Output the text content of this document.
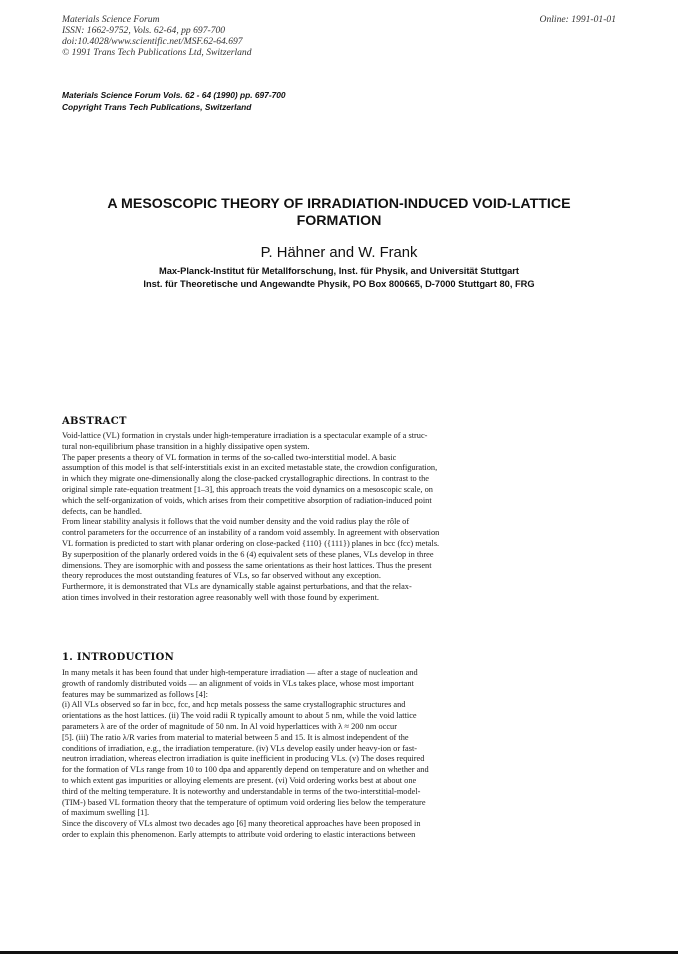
Materials Science Forum
ISSN: 1662-9752, Vols. 62-64, pp 697-700
doi:10.4028/www.scientific.net/MSF.62-64.697
© 1991 Trans Tech Publications Ltd, Switzerland
Online: 1991-01-01
Materials Science Forum Vols. 62 - 64 (1990) pp. 697-700
Copyright Trans Tech Publications, Switzerland
A MESOSCOPIC THEORY OF IRRADIATION-INDUCED VOID-LATTICE
FORMATION
P. Hähner and W. Frank
Max-Planck-Institut für Metallforschung, Inst. für Physik, and Universität Stuttgart
Inst. für Theoretische und Angewandte Physik, PO Box 800665, D-7000 Stuttgart 80, FRG
ABSTRACT
Void-lattice (VL) formation in crystals under high-temperature irradiation is a spectacular example of a struc-
tural non-equilibrium phase transition in a highly dissipative open system.
The paper presents a theory of VL formation in terms of the so-called two-interstitial model. A basic
assumption of this model is that self-interstitials exist in an excited metastable state, the crowdion configuration,
in which they migrate one-dimensionally along the close-packed crystallographic directions. In contrast to the
original simple rate-equation treatment [1–3], this approach treats the void dynamics on a mesoscopic scale, on
which the self-organization of voids, which arises from their competitive absorption of radiation-induced point
defects, can be handled.
From linear stability analysis it follows that the void number density and the void radius play the rôle of
control parameters for the occurrence of an instability of a random void assembly. In agreement with observation
VL formation is predicted to start with planar ordering on close-packed {110} ({111}) planes in bcc (fcc) metals.
By superposition of the planarly ordered voids in the 6 (4) equivalent sets of these planes, VLs develop in three
dimensions. They are isomorphic with and possess the same orientations as their host lattices. Thus the present
theory reproduces the most outstanding features of VLs, so far observed without any exception.
Furthermore, it is demonstrated that VLs are dynamically stable against perturbations, and that the relax-
ation times involved in their restoration agree reasonably well with those found by experiment.
1. INTRODUCTION
In many metals it has been found that under high-temperature irradiation — after a stage of nucleation and
growth of randomly distributed voids — an alignment of voids in VLs takes place, whose most important
features may be summarized as follows [4]:
(i) All VLs observed so far in bcc, fcc, and hcp metals possess the same crystallographic structures and
orientations as the host lattices. (ii) The void radii R typically amount to about 5 nm, while the void lattice
parameters λ are of the order of magnitude of 50 nm. In Al void hyperlattices with λ ≈ 200 nm occur
[5]. (iii) The ratio λ/R varies from material to material between 5 and 15. It is almost independent of the
conditions of irradiation, e.g., the irradiation temperature. (iv) VLs develop easily under heavy-ion or fast-
neutron irradiation, whereas electron irradiation is quite inefficient in producing VLs. (v) The doses required
for the formation of VLs range from 10 to 100 dpa and apparently depend on temperature and on whether and
to which extent gas impurities or alloying elements are present. (vi) Void ordering works best at about one
third of the melting temperature. It is noteworthy and understandable in terms of the two-interstitial-model-
(TIM-) based VL formation theory that the temperature of optimum void ordering lies below the temperature
of maximum swelling [1].
Since the discovery of VLs almost two decades ago [6] many theoretical approaches have been proposed in
order to explain this phenomenon. Early attempts to attribute void ordering to elastic interactions between
